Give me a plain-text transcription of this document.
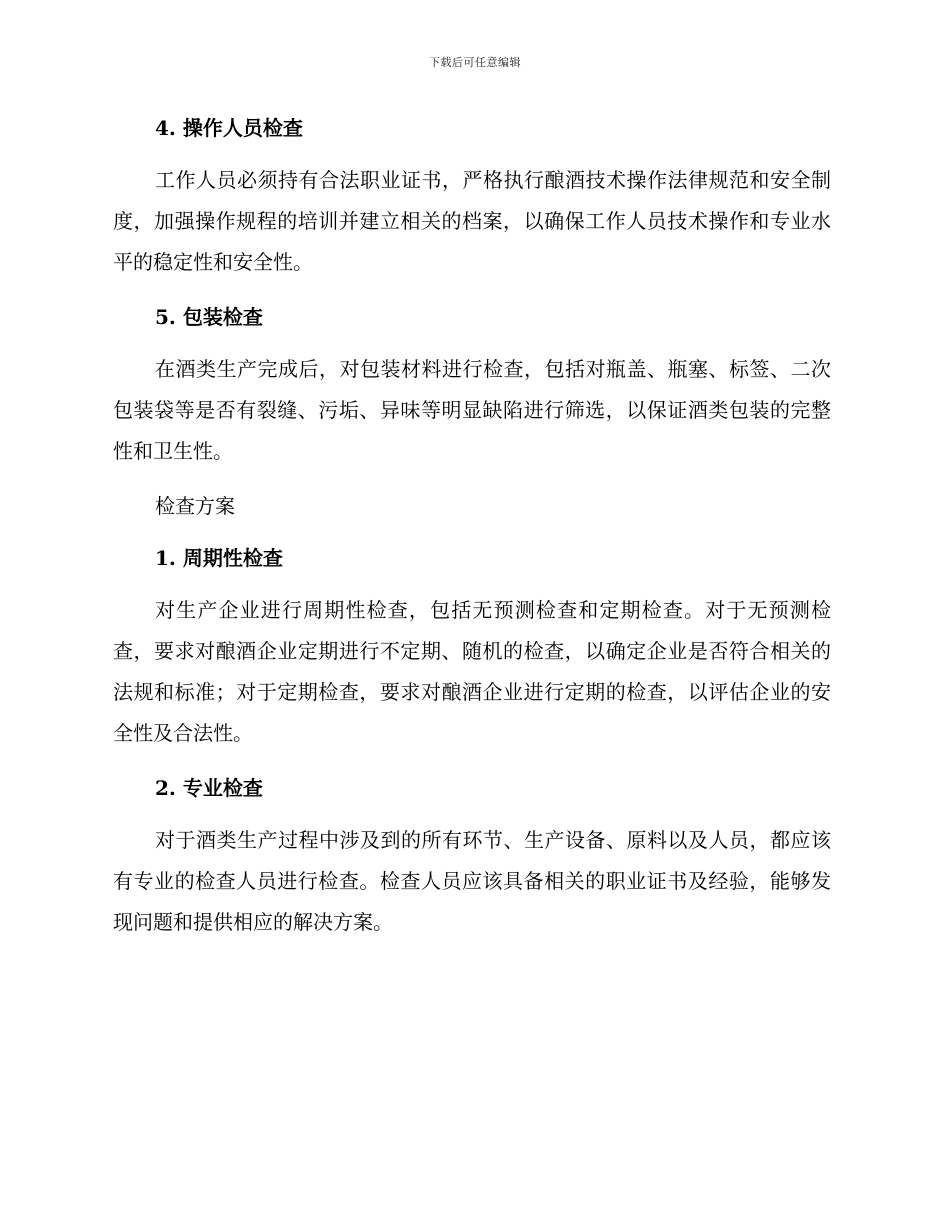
下载后可任意编辑
4. 操作人员检查

工作人员必须持有合法职业证书，严格执行酿酒技术操作法律规范和安全制度，加强操作规程的培训并建立相关的档案，以确保工作人员技术操作和专业水平的稳定性和安全性。

5. 包装检查

在酒类生产完成后，对包装材料进行检查，包括对瓶盖、瓶塞、标签、二次包装袋等是否有裂缝、污垢、异味等明显缺陷进行筛选，以保证酒类包装的完整性和卫生性。

检查方案
1. 周期性检查

对生产企业进行周期性检查，包括无预测检查和定期检查。对于无预测检查，要求对酿酒企业定期进行不定期、随机的检查，以确定企业是否符合相关的法规和标准；对于定期检查，要求对酿酒企业进行定期的检查，以评估企业的安全性及合法性。

2. 专业检查

对于酒类生产过程中涉及到的所有环节、生产设备、原料以及人员，都应该有专业的检查人员进行检查。检查人员应该具备相关的职业证书及经验，能够发现问题和提供相应的解决方案。
